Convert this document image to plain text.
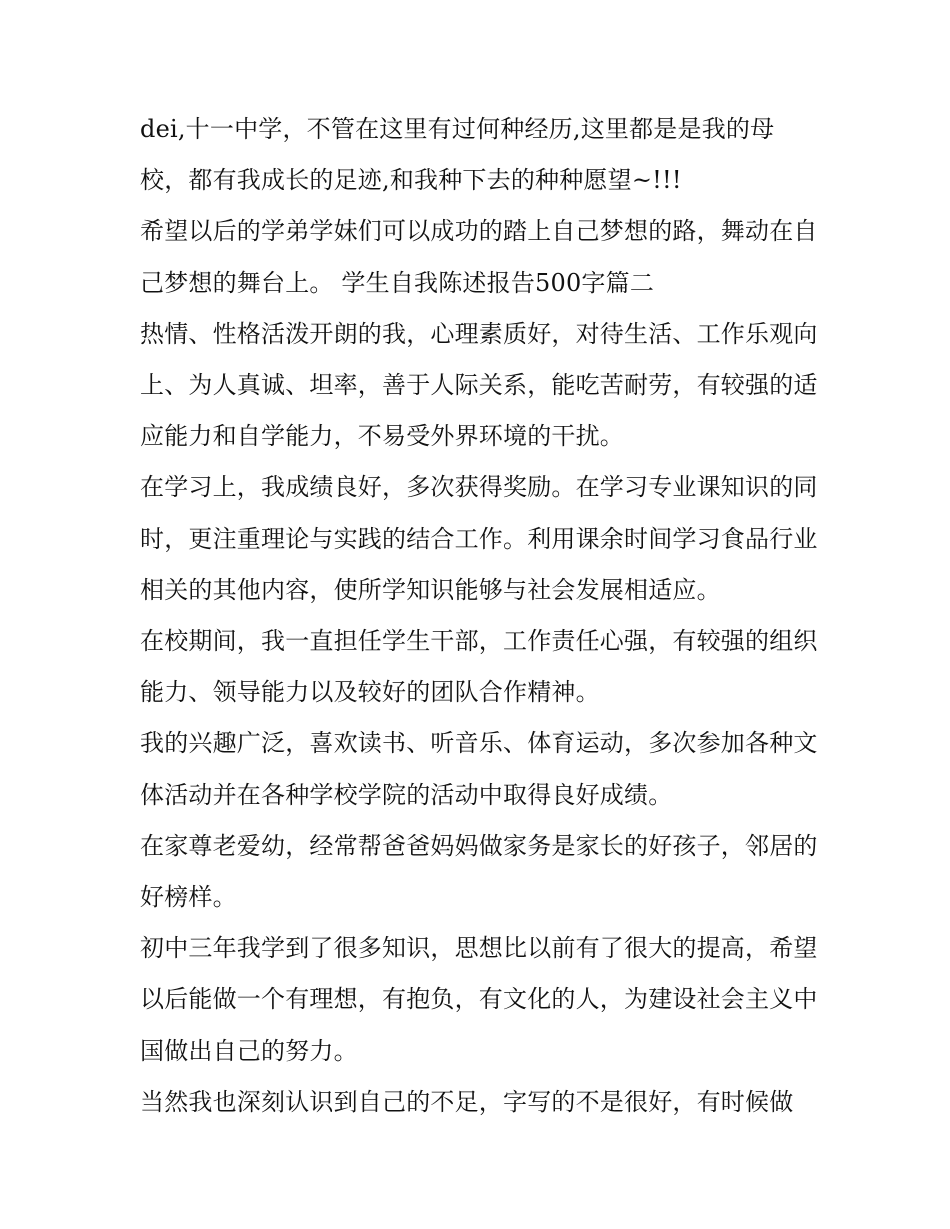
dei,十一中学，不管在这里有过何种经历,这里都是是我的母校，都有我成长的足迹,和我种下去的种种愿望~!!!

希望以后的学弟学妹们可以成功的踏上自己梦想的路，舞动在自己梦想的舞台上。 学生自我陈述报告500字篇二

热情、性格活泼开朗的我，心理素质好，对待生活、工作乐观向上、为人真诚、坦率，善于人际关系，能吃苦耐劳，有较强的适应能力和自学能力，不易受外界环境的干扰。

在学习上，我成绩良好，多次获得奖励。在学习专业课知识的同时，更注重理论与实践的结合工作。利用课余时间学习食品行业相关的其他内容，使所学知识能够与社会发展相适应。

在校期间，我一直担任学生干部，工作责任心强，有较强的组织能力、领导能力以及较好的团队合作精神。

我的兴趣广泛，喜欢读书、听音乐、体育运动，多次参加各种文体活动并在各种学校学院的活动中取得良好成绩。

在家尊老爱幼，经常帮爸爸妈妈做家务是家长的好孩子，邻居的好榜样。

初中三年我学到了很多知识，思想比以前有了很大的提高，希望以后能做一个有理想，有抱负，有文化的人，为建设社会主义中国做出自己的努力。

当然我也深刻认识到自己的不足，字写的不是很好，有时候做
